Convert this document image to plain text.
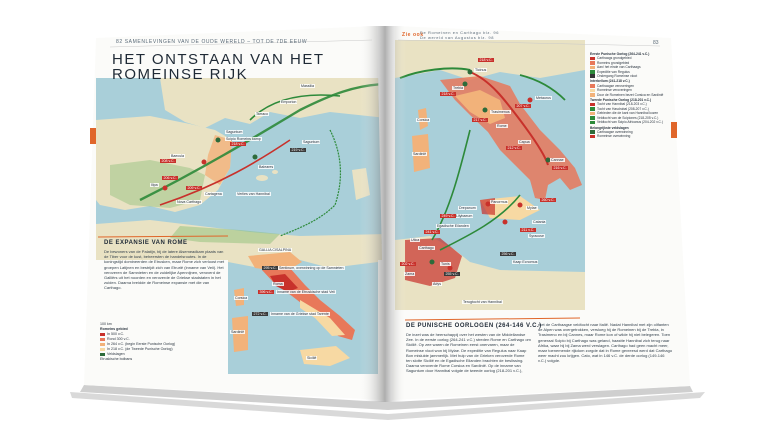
82 SAMENLEVINGEN VAN DE OUDE WERELD – TOT DE 7DE EEUW
HET ONTSTAAN VAN HET
ROMEINSE RIJK
Saguntum
Saguntum
Scipio Romeins kamp
Cartagena	Verlies van Hannibal
Baecula
Ilipa
Baleares
Massilia
Tarraco
Emporion
Nova Carthago
218 v.C.
206 v.C.
208 v.C.
209 v.C.
219 v.C.
DE EXPANSIE VAN ROME
De bewoners van de Palatijn, bij de latere Alsemeadkam plaats van de Tiber voor de kust, beheersten de handelsroutes. In de koningstijd domineerden de Etrusken, maar Rome zich verloost met groepen Latijnen en bestrijdt zich van Etrurië (inname van Veii). Het veroveren de Samnieten en de zuidelijke Apennijnen, veroverd de Galliërs uit het noorden en veroverde de Griekse stadstaten in het zuiden. Daarna breidde de Romeinse expansie met die van Carthago.
100 km
Romeins gebied
In 500 v.C.
Rond 300 v.C.
In 264 v.C. (begin Eerste Punische Oorlog)
In 218 v.C. (de Tweede Punische Oorlog)
Veldslagen
Etruskische bolbans
GALLIA CISALPINA
Corsica
Sardinië
Sicilië
Roma
Sentinum, overwinning op de Samnieten
Inname van de Etruskische stad Veii
Inname van de Griekse stad Tarente
295 v.C.
396 v.C.
272 v.C.
Zie ook
De Romeinen en Carthago blz. 96
De wereld van Augustus blz. 98
83
Ticinus
Trebia
Trasimenus
Cannae
Metaurus
Lilybaeum
Drepanum
Panormus
Mylae
Syracuse
Egadische Eilanden
Carthago
Zama
Adys
Tunis
Utica
Kaap Ecnomus
Capua
Catania
Terugtocht van Hannibal
Corsica
Sardinië
Rome
218 v.C.
218 v.C.
217 v.C.
216 v.C.
207 v.C.
260 v.C.
256 v.C.
249 v.C.
241 v.C.
202 v.C.
255 v.C.
211 v.C.
212 v.C.
Eerste Punische Oorlog (264-241 v.C.)
Carthaags grondgebied
Romeins grondgebied
Aan/ het einde van Carthaags
Expeditie van Regulus
Ondergang Romeinse vloot
Interbellum (241-218 v.C.)
Carthaagse veroveringen
Romeinse veroveringen
Door de Romeinen bezet Corsica en Sardinië
Tweede Punische Oorlog (218-201 v.C.)
Tocht van Hannibal (218-203 v.C.)
Tocht van Hasdrubal (208-207 v.C.)
Gebieden die de kant van Hannibal kozen
Veldtocht van de Scipiones (218-205 v.C.)
Veldtocht van Scipio Africanus (204-202 v.C.)
Belangrijkste veldslagen
Carthaagse overwinning
Romeinse overwinning
DE PUNISCHE OORLOGEN (264-146 V.C.)
De inzet was de heerschappij over het westen van de Middellandse Zee. In de eerste oorlog (264-241 v.C.) streden Rome en Carthago om Sicilië. Op zee waren de Romeinen eerst onervaren, maar de Romeinse vloot won bij Mylae. De expeditie van Regulus naar Kaap Bon mislukte jammerlijk. Met hulp van de Grieken veroverde Rome ten slotte Sicilië en de Egadische Eilanden brachten de beslissing. Daarna veroverde Rome Corsica en Sardinië. Op de inname van Saguntum door Hannibal volgde de tweede oorlog (218-201 v.C.),
met de Carthaagse veldtocht naar Italië. Nadat Hannibal met zijn olifanten de Alpen was overgetrokken, versloeg hij de Romeinen bij de Trebia, in Trasimeno en bij Cannes, maar Rome kon of wilde hij niet belegeren. Toen generaal Scipio bij Carthago was geland, haastte Hannibal zich terug naar Afrika, waar hij bij Zama werd verslagen. Carthago had geen macht meer, maar toenemende rijkdom zorgde dat in Rome gevreesd werd dat Carthago weer macht zou krijgen. Cato, wat in 146 v.C. de derde oorlog (149-146 v.C.) volgde.
